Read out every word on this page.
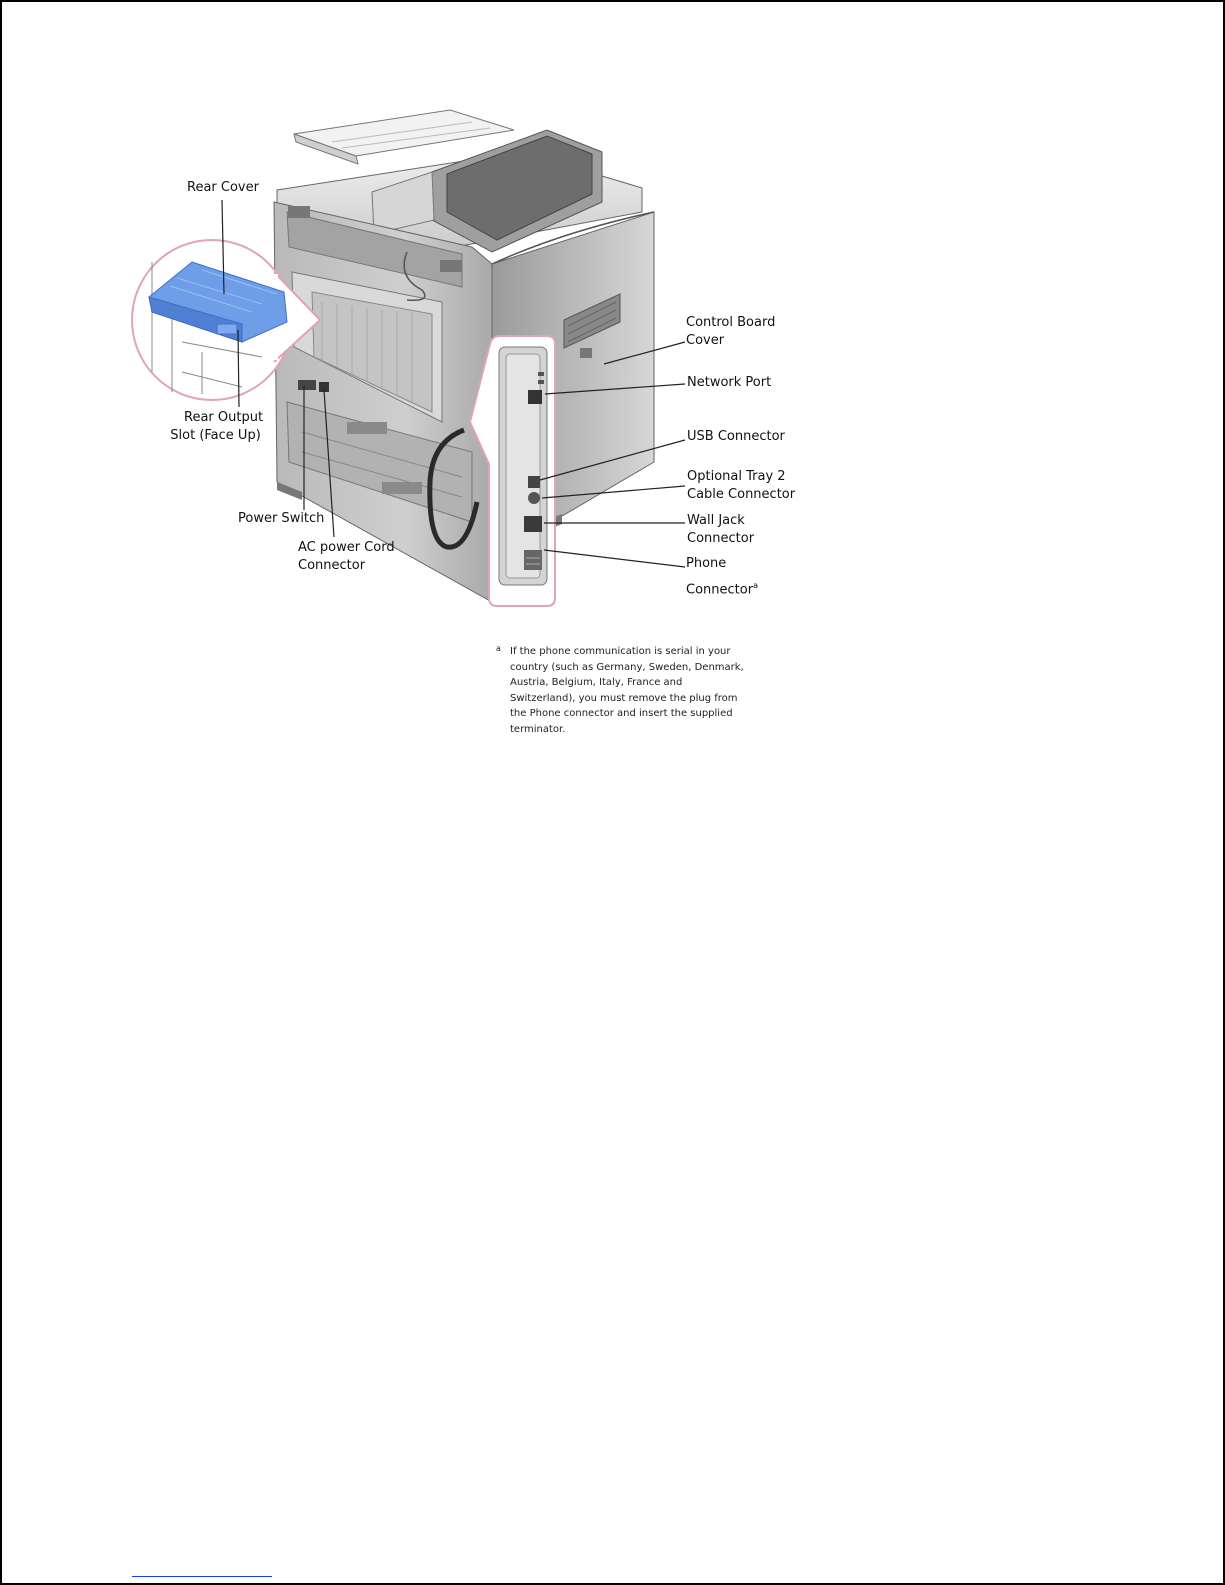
Rear Cover
Rear Output
Slot (Face Up)
Power Switch
AC power Cord
Connector
Control Board
Cover
Network Port
USB Connector
Optional Tray 2
Cable Connector
Wall Jack
Connector
Phone
Connector$^a$
a If the phone communication is serial in your
country (such as Germany, Sweden, Denmark,
Austria, Belgium, Italy, France and
Switzerland), you must remove the plug from
the Phone connector and insert the supplied
terminator.
